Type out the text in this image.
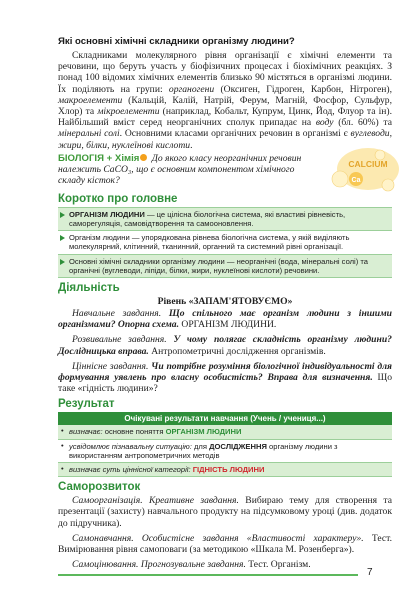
Які основні хімічні складники організму людини?

Складниками молекулярного рівня організації є хімічні елементи та речовини, що беруть участь у біофізичних процесах і біохімічних реакціях. З понад 100 відомих хімічних елементів близько 90 містяться в організмі людини. Їх поділяють на групи: органогени (Оксиген, Гідроген, Карбон, Нітроген), макроелементи (Кальцій, Калій, Натрій, Ферум, Магній, Фосфор, Сульфур, Хлор) та мікроелементи (наприклад, Кобальт, Купрум, Цинк, Йод, Флуор та ін). Найбільший вміст серед неорганічних сполук припадає на воду (бл. 60%) та мінеральні солі. Основними класами органічних речовин в організмі є вуглеводи, жири, білки, нуклеїнові кислоти.

БІОЛОГІЯ + Хімія До якого класу неорганічних речовин належить CaCO₃, що є основним компонентом хімічного складу кісток?

CALCIUM
Ca

Коротко про головне

ОРГАНІЗМ ЛЮДИНИ — це цілісна біологічна система, які властиві рівневість, саморегуляція, самовідтворення та самооновлення.
Організм людини — упорядкована рівнева біологічна система, у якій виділяють молекулярний, клітинний, тканинний, органний та системний рівні організації.
Основні хімічні складники організму людини — неорганічні (вода, мінеральні солі) та органічні (вуглеводи, ліпіди, білки, жири, нуклеїнові кислоти) речовини.

Діяльність

Рівень «ЗАПАМ'ЯТОВУЄМО»

Навчальне завдання. Що спільного має організм людини з іншими організмами? Опорна схема. ОРГАНІЗМ ЛЮДИНИ.

Розвивальне завдання. У чому полягає складність організму людини? Дослідницька вправа. Антропометричні дослідження організмів.

Ціннісне завдання. Чи потрібне розуміння біологічної індивідуальності для формування уявлень про власну особистість? Вправа для визначення. Що таке «гідність людини»?

Результат

Очікувані результати навчання (Учень / учениця...)
• визначає: основне поняття ОРГАНІЗМ ЛЮДИНИ
• усвідомлює пізнавальну ситуацію: для ДОСЛІДЖЕННЯ організму людини з використанням антропометричних методів
• визначає суть ціннісної категорії: ГІДНІСТЬ ЛЮДИНИ

Саморозвиток

Самоорганізація. Креативне завдання. Вибираю тему для створення та презентації (захисту) навчального продукту на підсумковому уроці (див. додаток до підручника).

Самонавчання. Особистісне завдання «Властивості характеру». Тест. Вимірювання рівня самоповаги (за методикою «Шкала М. Розенберга»).

Самоцінювання. Прогнозувальне завдання. Тест. Організм.

7
